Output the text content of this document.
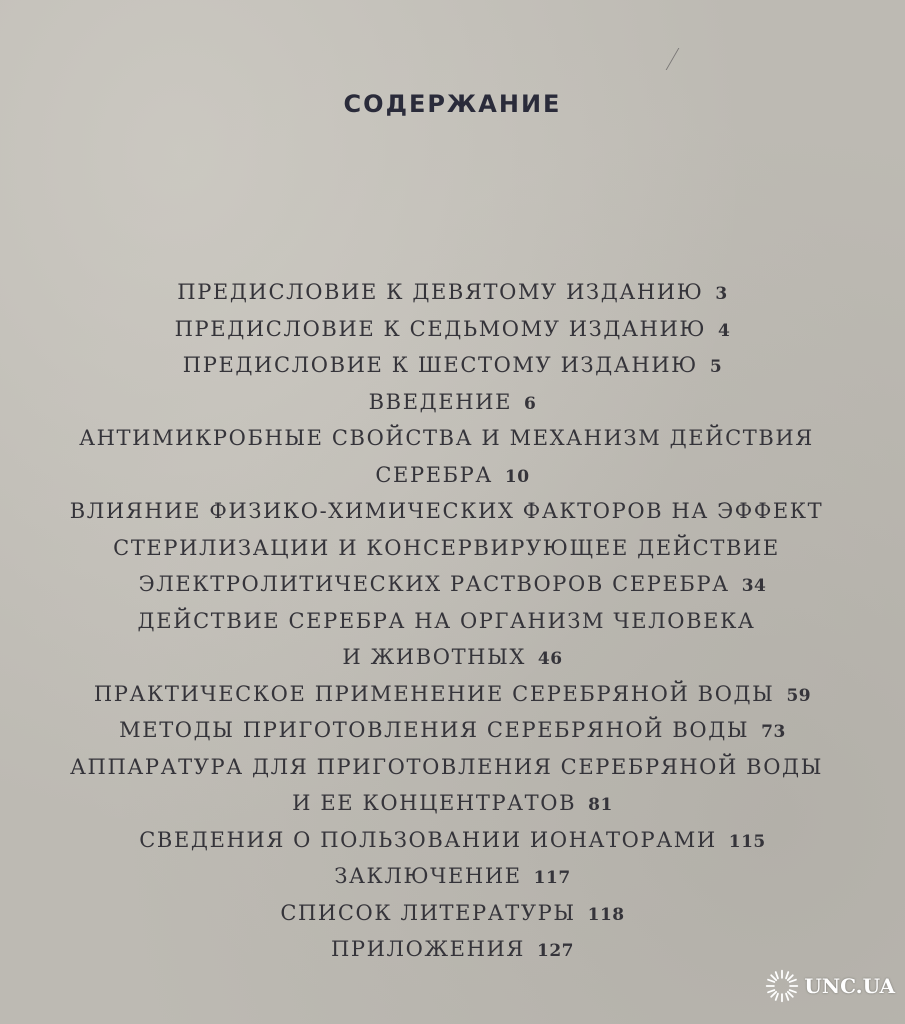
СОДЕРЖАНИЕ
ПРЕДИСЛОВИЕ К ДЕВЯТОМУ ИЗДАНИЮ 3
ПРЕДИСЛОВИЕ К СЕДЬМОМУ ИЗДАНИЮ 4
ПРЕДИСЛОВИЕ К ШЕСТОМУ ИЗДАНИЮ 5
ВВЕДЕНИЕ 6
АНТИМИКРОБНЫЕ СВОЙСТВА И МЕХАНИЗМ ДЕЙСТВИЯ
СЕРЕБРА 10
ВЛИЯНИЕ ФИЗИКО-ХИМИЧЕСКИХ ФАКТОРОВ НА ЭФФЕКТ
СТЕРИЛИЗАЦИИ И КОНСЕРВИРУЮЩЕЕ ДЕЙСТВИЕ
ЭЛЕКТРОЛИТИЧЕСКИХ РАСТВОРОВ СЕРЕБРА 34
ДЕЙСТВИЕ СЕРЕБРА НА ОРГАНИЗМ ЧЕЛОВЕКА
И ЖИВОТНЫХ 46
ПРАКТИЧЕСКОЕ ПРИМЕНЕНИЕ СЕРЕБРЯНОЙ ВОДЫ 59
МЕТОДЫ ПРИГОТОВЛЕНИЯ СЕРЕБРЯНОЙ ВОДЫ 73
АППАРАТУРА ДЛЯ ПРИГОТОВЛЕНИЯ СЕРЕБРЯНОЙ ВОДЫ
И ЕЕ КОНЦЕНТРАТОВ 81
СВЕДЕНИЯ О ПОЛЬЗОВАНИИ ИОНАТОРАМИ 115
ЗАКЛЮЧЕНИЕ 117
СПИСОК ЛИТЕРАТУРЫ 118
ПРИЛОЖЕНИЯ 127
UNC.UA
